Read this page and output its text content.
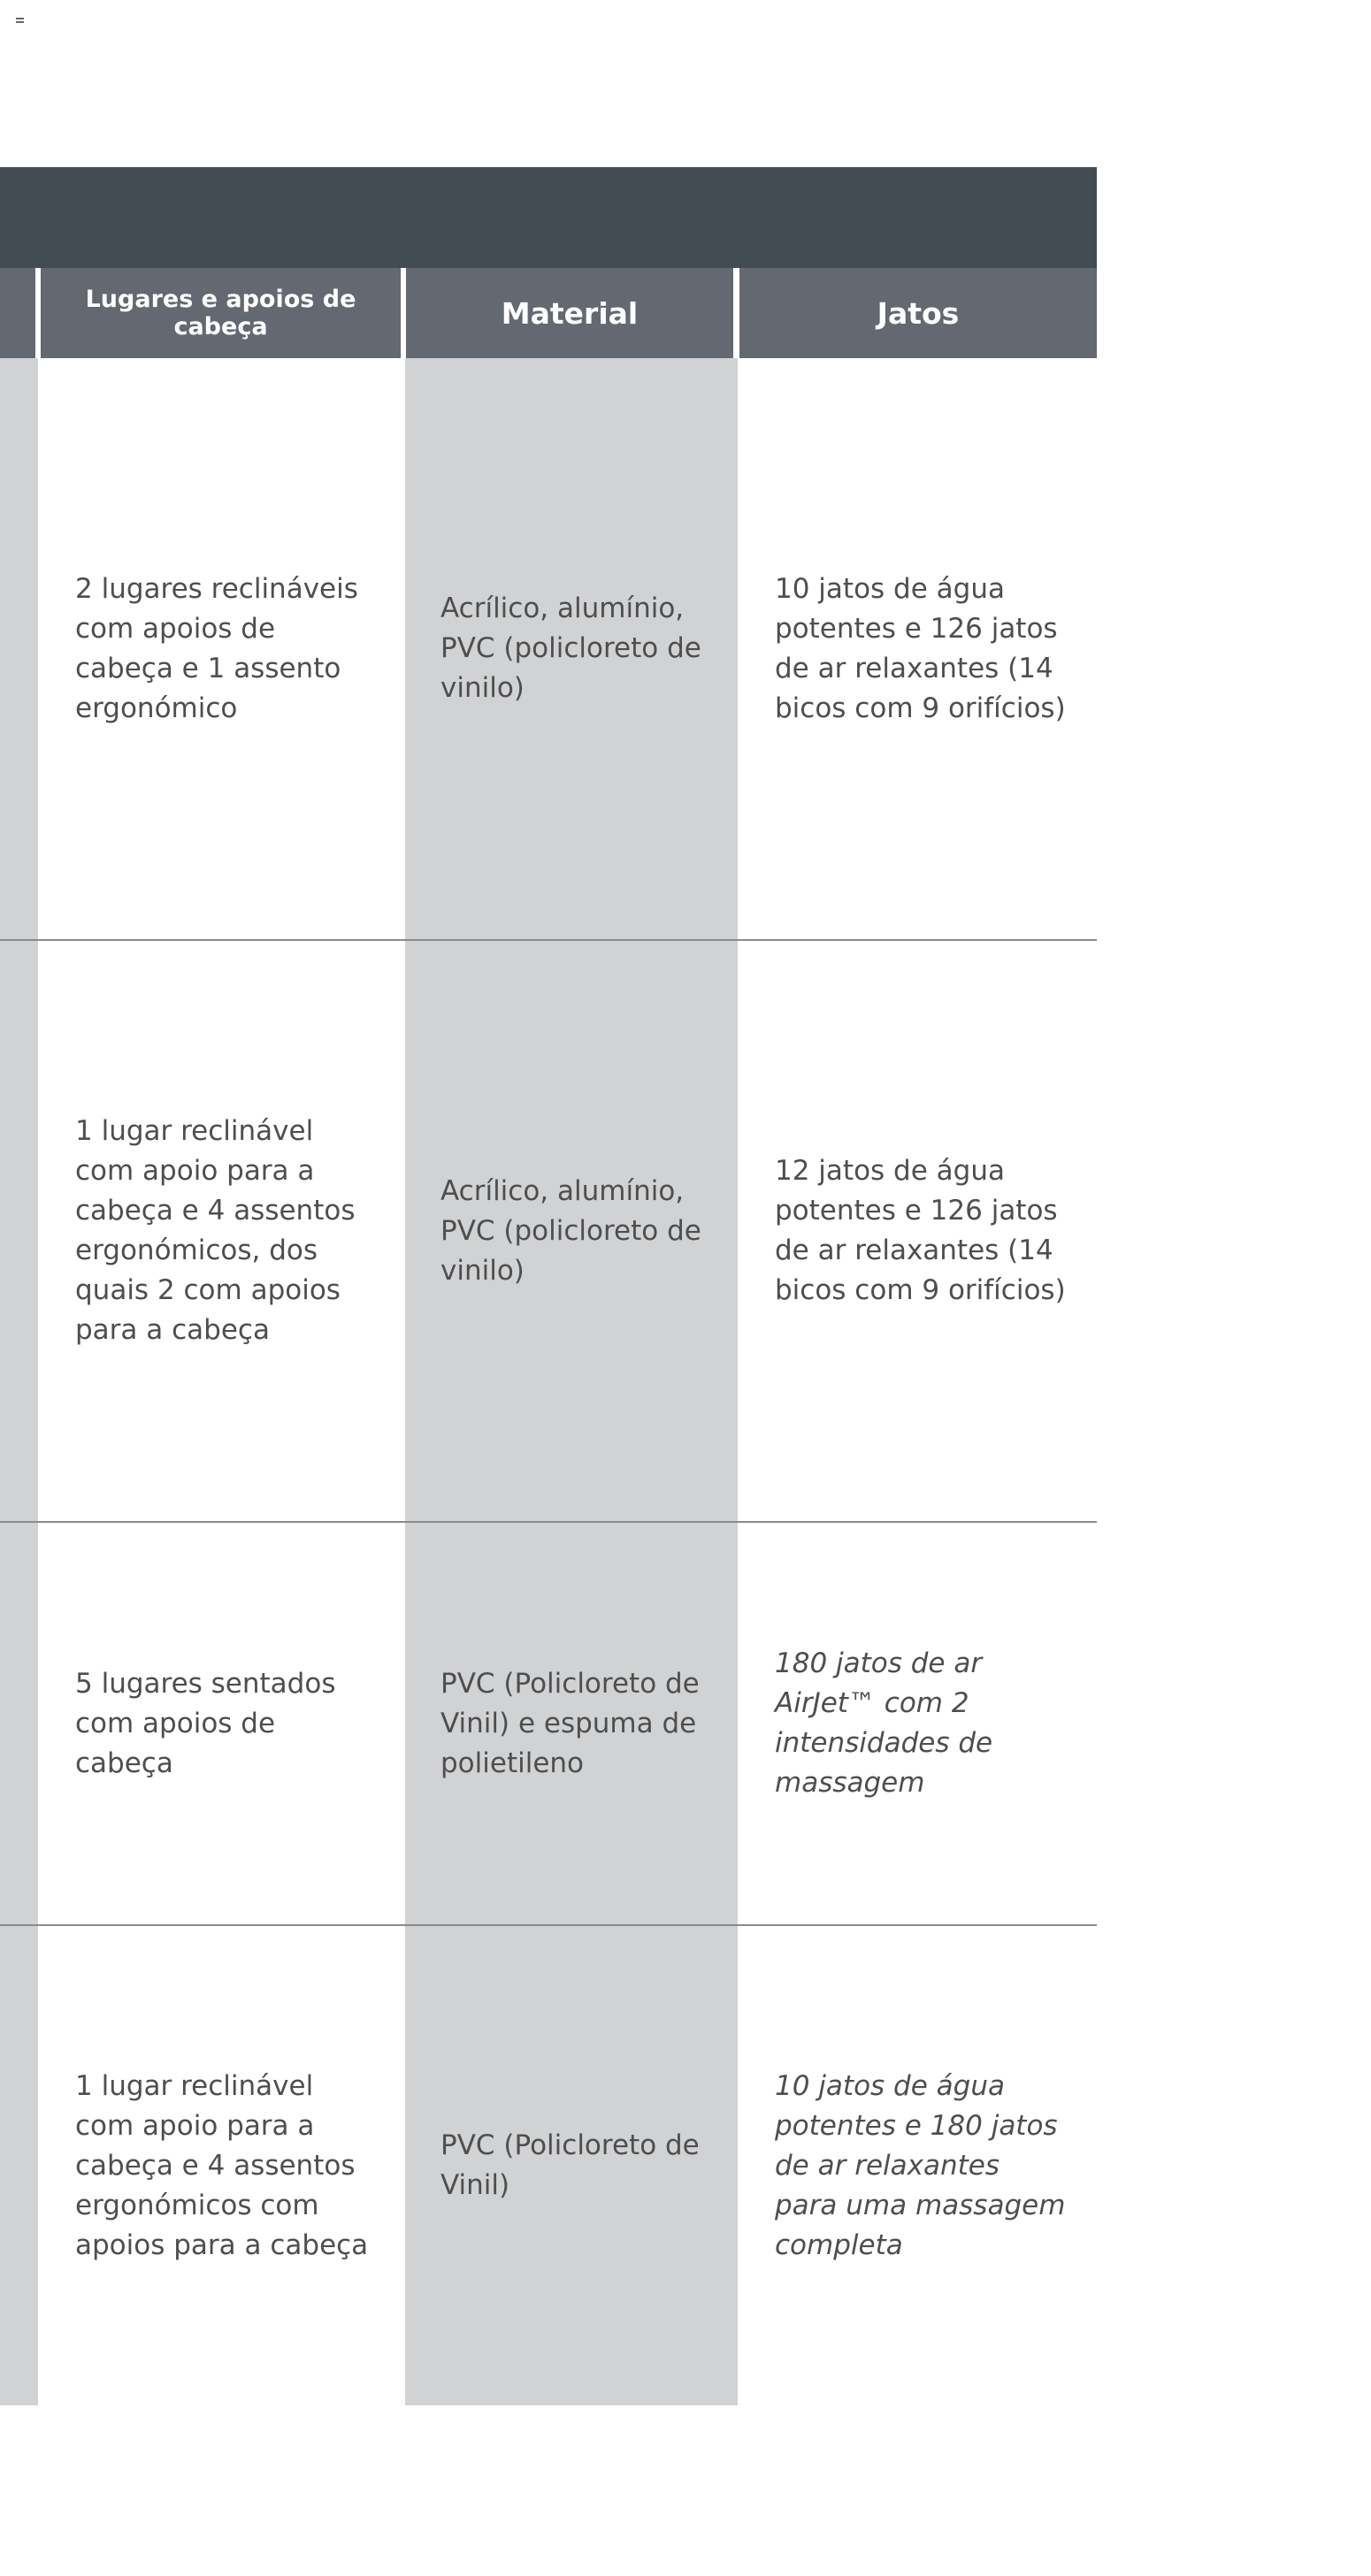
Lugares e apoios de cabeça	Material	Jatos
2 lugares reclináveis
com apoios de
cabeça e 1 assento
ergonómico
Acrílico, alumínio,
PVC (policloreto de
vinilo)
10 jatos de água
potentes e 126 jatos
de ar relaxantes (14
bicos com 9 orifícios)
1 lugar reclinável
com apoio para a
cabeça e 4 assentos
ergonómicos, dos
quais 2 com apoios
para a cabeça
Acrílico, alumínio,
PVC (policloreto de
vinilo)
12 jatos de água
potentes e 126 jatos
de ar relaxantes (14
bicos com 9 orifícios)
5 lugares sentados
com apoios de
cabeça
PVC (Policloreto de
Vinil) e espuma de
polietileno
180 jatos de ar
AirJet™ com 2
intensidades de
massagem
1 lugar reclinável
com apoio para a
cabeça e 4 assentos
ergonómicos com
apoios para a cabeça
PVC (Policloreto de
Vinil)
10 jatos de água
potentes e 180 jatos
de ar relaxantes
para uma massagem
completa
